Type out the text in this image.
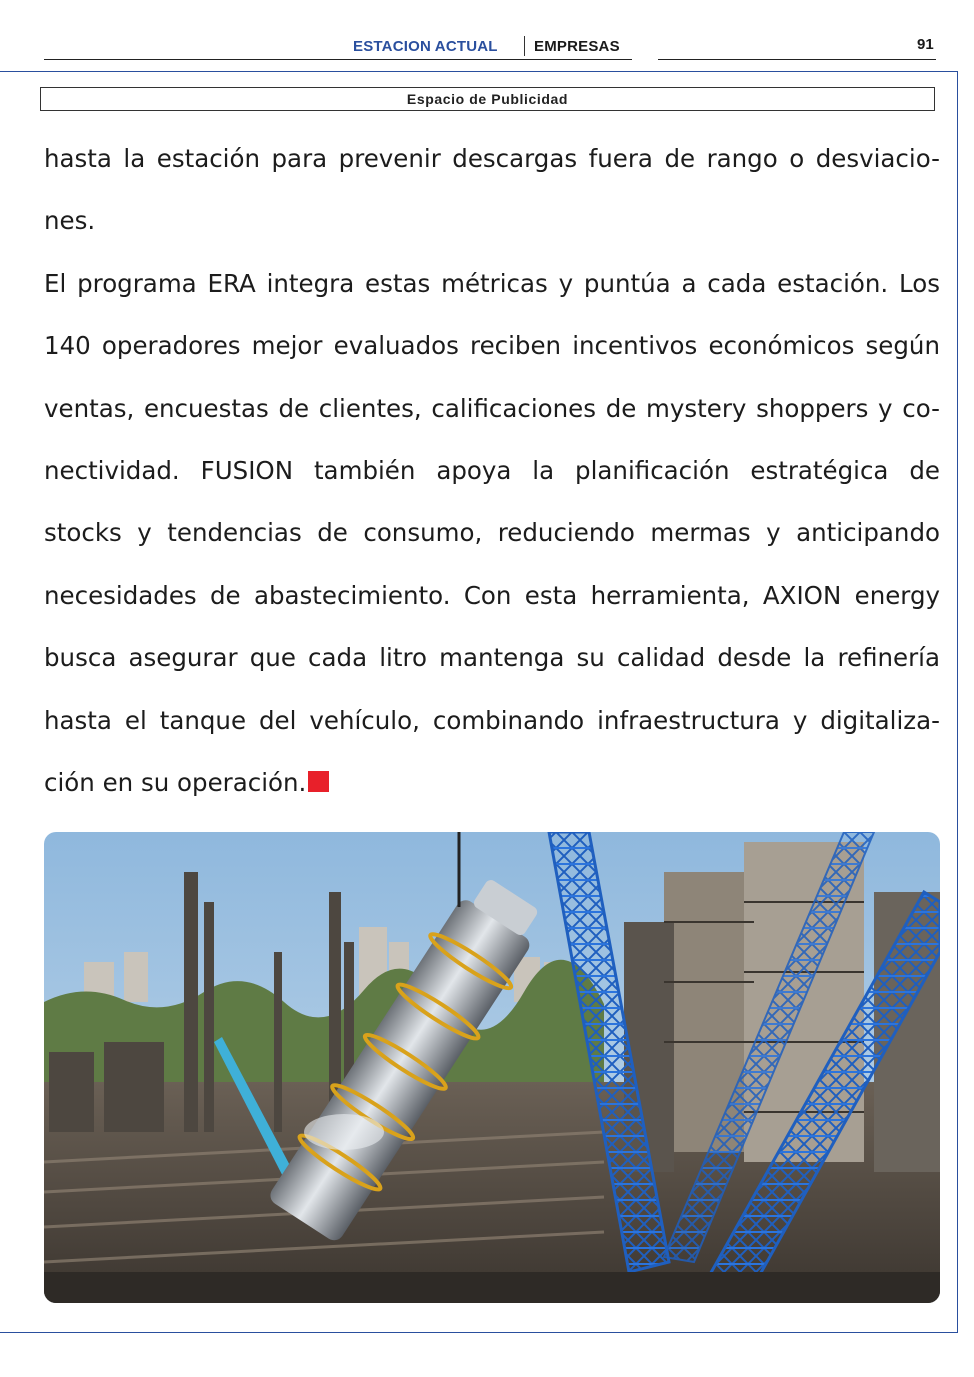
ESTACION ACTUAL EMPRESAS	91
Espacio de Publicidad
hasta la estación para prevenir descargas fuera de rango o desviacio-
nes.
El programa ERA integra estas métricas y puntúa a cada estación. Los
140 operadores mejor evaluados reciben incentivos económicos según
ventas, encuestas de clientes, calificaciones de mystery shoppers y co-
nectividad. FUSION también apoya la planificación estratégica de
stocks y tendencias de consumo, reduciendo mermas y anticipando
necesidades de abastecimiento. Con esta herramienta, AXION energy
busca asegurar que cada litro mantenga su calidad desde la refinería
hasta el tanque del vehículo, combinando infraestructura y digitaliza-
ción en su operación.
